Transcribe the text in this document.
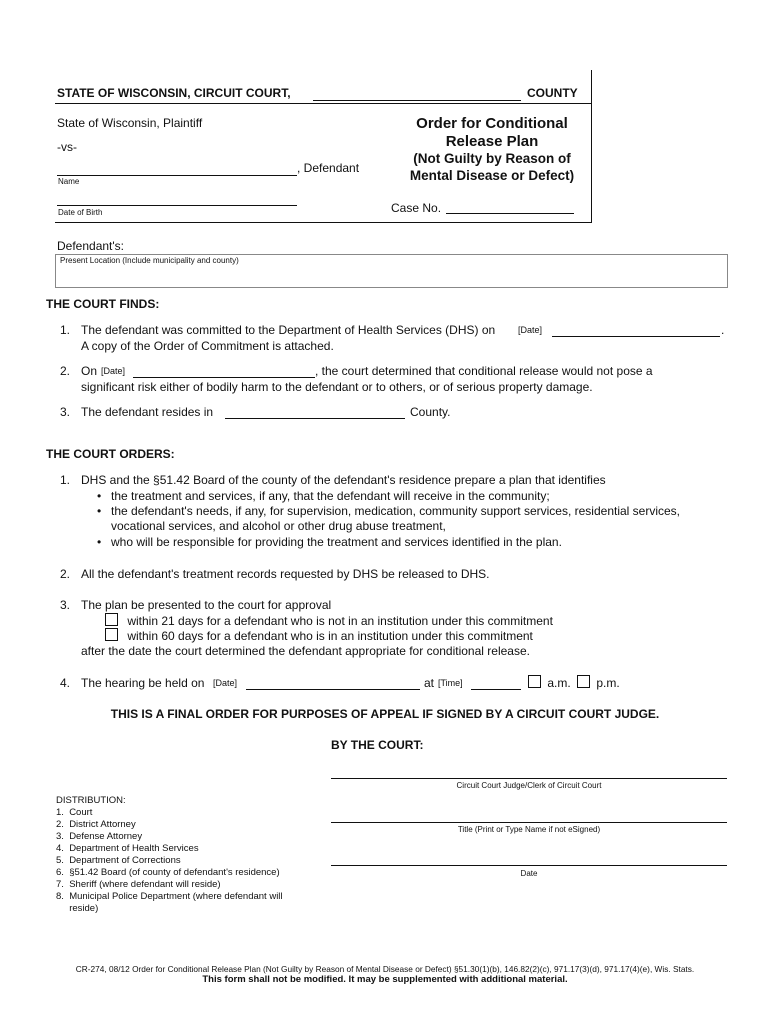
STATE OF WISCONSIN, CIRCUIT COURT,	COUNTY
State of Wisconsin, Plaintiff
-vs-
, Defendant
Name
Date of Birth
Order for Conditional
Release Plan
(Not Guilty by Reason of
Mental Disease or Defect)
Case No.
Defendant's:
Present Location (Include municipality and county)
THE COURT FINDS:
1. The defendant was committed to the Department of Health Services (DHS) on	[Date]	.
A copy of the Order of Commitment is attached.
2. On [Date]	, the court determined that conditional release would not pose a
significant risk either of bodily harm to the defendant or to others, or of serious property damage.
3. The defendant resides in	County.
THE COURT ORDERS:
1. DHS and the §51.42 Board of the county of the defendant's residence prepare a plan that identifies
• the treatment and services, if any, that the defendant will receive in the community;
• the defendant's needs, if any, for supervision, medication, community support services, residential services,
vocational services, and alcohol or other drug abuse treatment,
• who will be responsible for providing the treatment and services identified in the plan.
2. All the defendant's treatment records requested by DHS be released to DHS.
3. The plan be presented to the court for approval
within 21 days for a defendant who is not in an institution under this commitment
within 60 days for a defendant who is in an institution under this commitment
after the date the court determined the defendant appropriate for conditional release.
4. The hearing be held on [Date]	at [Time]	a.m.	p.m.
THIS IS A FINAL ORDER FOR PURPOSES OF APPEAL IF SIGNED BY A CIRCUIT COURT JUDGE.
BY THE COURT:
Circuit Court Judge/Clerk of Circuit Court
Title (Print or Type Name if not eSigned)
Date
DISTRIBUTION:
1.  Court
2.  District Attorney
3.  Defense Attorney
4.  Department of Health Services
5.  Department of Corrections
6.  §51.42 Board (of county of defendant's residence)
7.  Sheriff (where defendant will reside)
8.  Municipal Police Department (where defendant will
reside)
CR-274, 08/12 Order for Conditional Release Plan (Not Guilty by Reason of Mental Disease or Defect) §51.30(1)(b), 146.82(2)(c), 971.17(3)(d), 971.17(4)(e), Wis. Stats.
This form shall not be modified. It may be supplemented with additional material.
